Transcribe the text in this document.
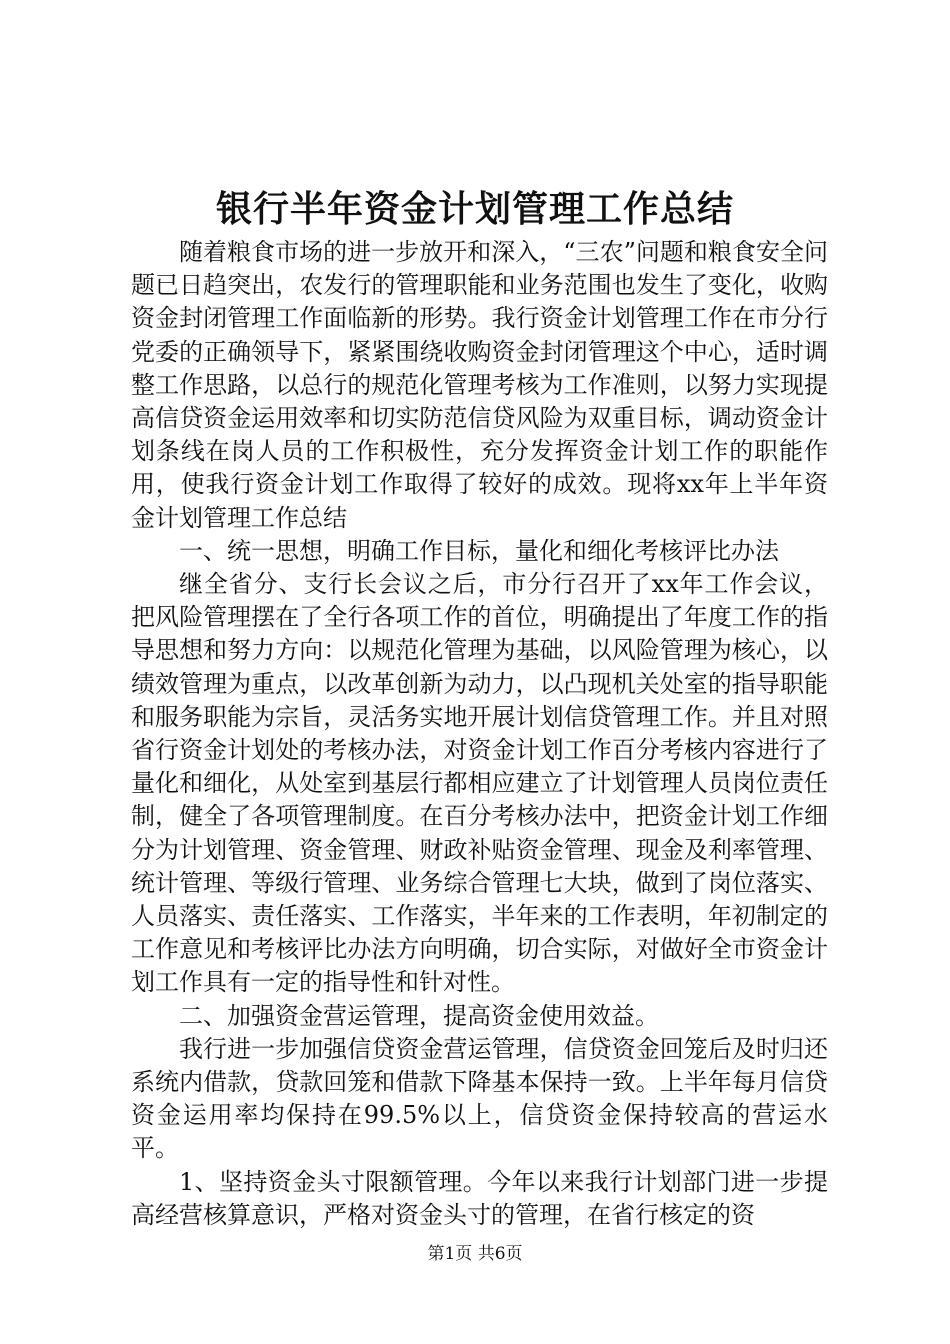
银行半年资金计划管理工作总结

随着粮食市场的进一步放开和深入，“三农”问题和粮食安全问题已日趋突出，农发行的管理职能和业务范围也发生了变化，收购资金封闭管理工作面临新的形势。我行资金计划管理工作在市分行党委的正确领导下，紧紧围绕收购资金封闭管理这个中心，适时调整工作思路，以总行的规范化管理考核为工作准则，以努力实现提高信贷资金运用效率和切实防范信贷风险为双重目标，调动资金计划条线在岗人员的工作积极性，充分发挥资金计划工作的职能作用，使我行资金计划工作取得了较好的成效。现将xx年上半年资金计划管理工作总结

一、统一思想，明确工作目标，量化和细化考核评比办法

继全省分、支行长会议之后，市分行召开了xx年工作会议，把风险管理摆在了全行各项工作的首位，明确提出了年度工作的指导思想和努力方向：以规范化管理为基础，以风险管理为核心，以绩效管理为重点，以改革创新为动力，以凸现机关处室的指导职能和服务职能为宗旨，灵活务实地开展计划信贷管理工作。并且对照省行资金计划处的考核办法，对资金计划工作百分考核内容进行了量化和细化，从处室到基层行都相应建立了计划管理人员岗位责任制，健全了各项管理制度。在百分考核办法中，把资金计划工作细分为计划管理、资金管理、财政补贴资金管理、现金及利率管理、统计管理、等级行管理、业务综合管理七大块，做到了岗位落实、人员落实、责任落实、工作落实，半年来的工作表明，年初制定的工作意见和考核评比办法方向明确，切合实际，对做好全市资金计划工作具有一定的指导性和针对性。

二、加强资金营运管理，提高资金使用效益。

我行进一步加强信贷资金营运管理，信贷资金回笼后及时归还系统内借款，贷款回笼和借款下降基本保持一致。上半年每月信贷资金运用率均保持在99.5%以上，信贷资金保持较高的营运水平。

1、坚持资金头寸限额管理。今年以来我行计划部门进一步提高经营核算意识，严格对资金头寸的管理，在省行核定的资

第1页 共6页
